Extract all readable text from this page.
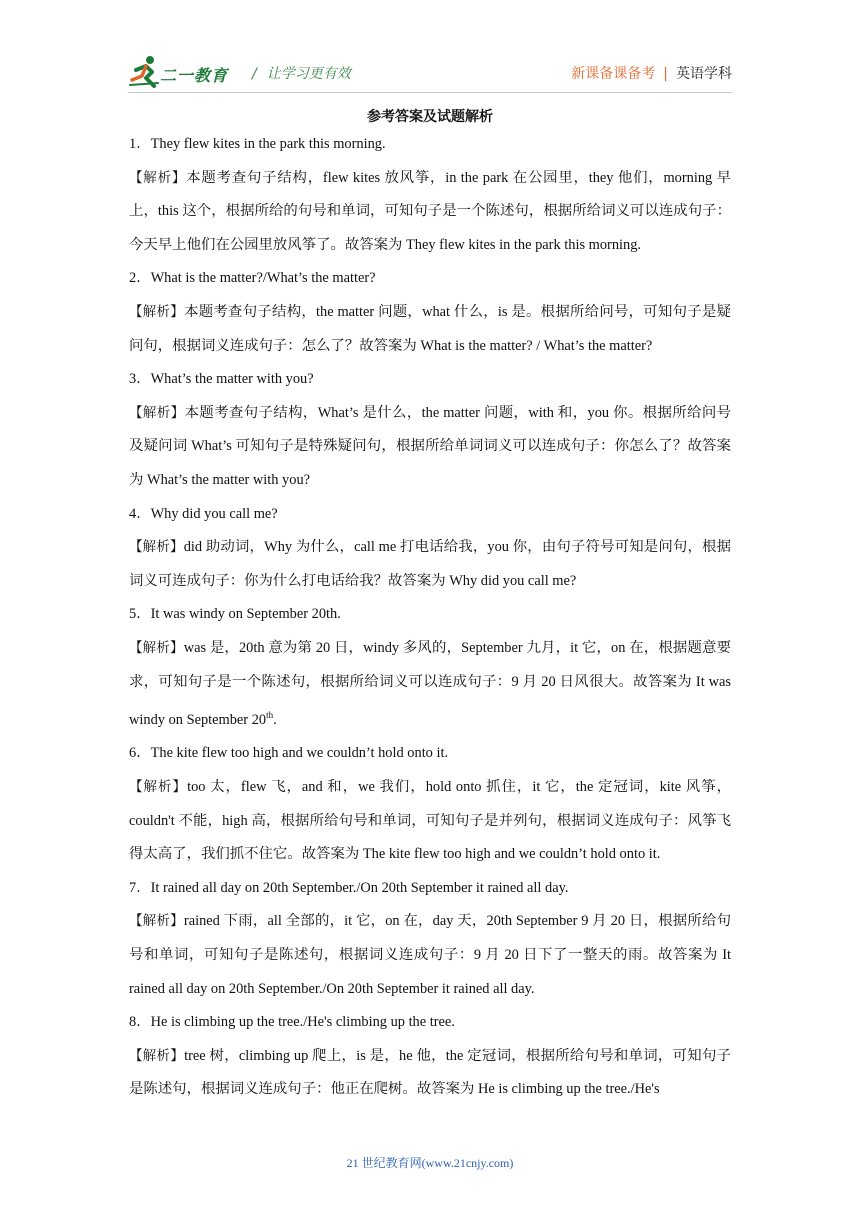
二一教育 / 让学习更有效	新课备课备考 | 英语学科
参考答案及试题解析

1．They flew kites in the park this morning.

【解析】本题考查句子结构，flew kites 放风筝，in the park 在公园里，they 他们，morning 早上，this 这个，根据所给的句号和单词，可知句子是一个陈述句，根据所给词义可以连成句子：今天早上他们在公园里放风筝了。故答案为 They flew kites in the park this morning.

2．What is the matter?/What’s the matter?

【解析】本题考查句子结构，the matter 问题，what 什么，is 是。根据所给问号，可知句子是疑问句，根据词义连成句子：怎么了？故答案为 What is the matter? / What’s the matter?

3．What’s the matter with you?

【解析】本题考查句子结构，What’s 是什么，the matter 问题，with 和，you 你。根据所给问号及疑问词 What’s 可知句子是特殊疑问句，根据所给单词词义可以连成句子：你怎么了？故答案为 What’s the matter with you?

4．Why did you call me?

【解析】did 助动词，Why 为什么，call me 打电话给我，you 你，由句子符号可知是问句，根据词义可连成句子：你为什么打电话给我？故答案为 Why did you call me?

5．It was windy on September 20th.

【解析】was 是，20th 意为第 20 日，windy 多风的，September 九月，it 它，on 在，根据题意要求，可知句子是一个陈述句，根据所给词义可以连成句子：9 月 20 日风很大。故答案为 It was windy on September 20th.

6．The kite flew too high and we couldn’t hold onto it.

【解析】too 太，flew 飞，and 和，we 我们，hold onto 抓住，it 它，the 定冠词，kite 风筝，couldn't 不能，high 高，根据所给句号和单词，可知句子是并列句，根据词义连成句子：风筝飞得太高了，我们抓不住它。故答案为 The kite flew too high and we couldn’t hold onto it.

7．It rained all day on 20th September./On 20th September it rained all day.

【解析】rained 下雨，all 全部的，it 它，on 在，day 天，20th September 9 月 20 日，根据所给句号和单词，可知句子是陈述句，根据词义连成句子：9 月 20 日下了一整天的雨。故答案为 It rained all day on 20th September./On 20th September it rained all day.

8．He is climbing up the tree./He's climbing up the tree.

【解析】tree 树，climbing up 爬上，is 是，he 他，the 定冠词，根据所给句号和单词，可知句子是陈述句，根据词义连成句子：他正在爬树。故答案为 He is climbing up the tree./He's

21 世纪教育网(www.21cnjy.com)
